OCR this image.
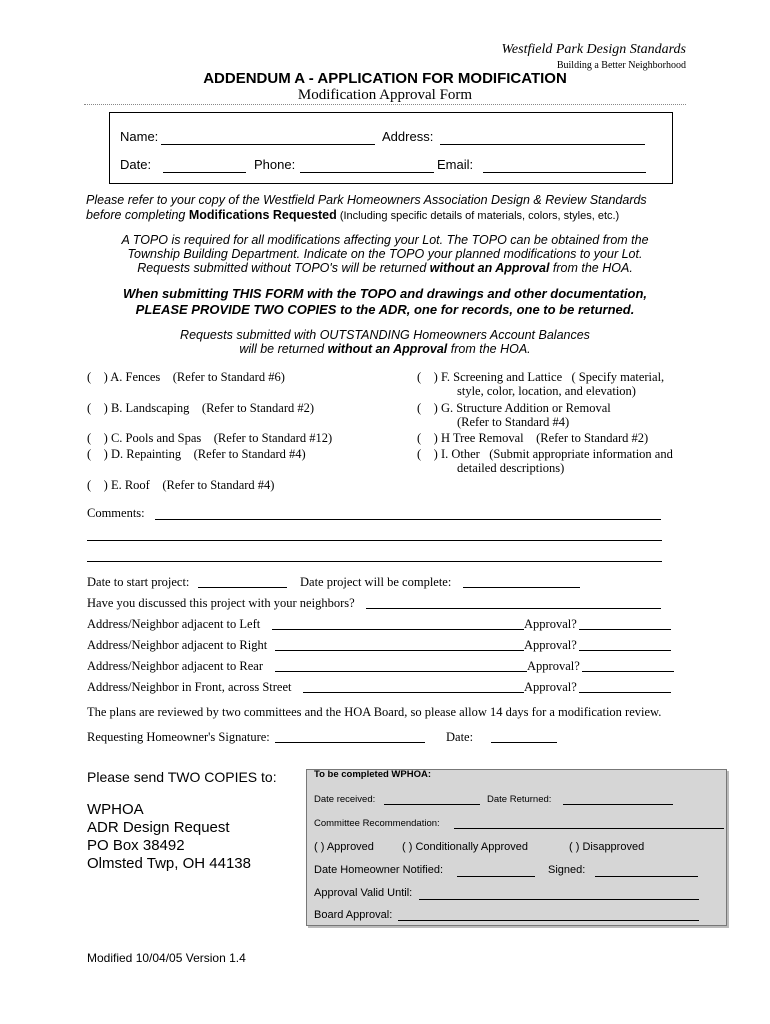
Westfield Park Design Standards
Building a Better Neighborhood
ADDENDUM A - APPLICATION FOR MODIFICATION
Modification Approval Form
Name:	Address:
Date:	Phone:	Email:
Please refer to your copy of the Westfield Park Homeowners Association Design & Review Standards
before completing Modifications Requested (Including specific details of materials, colors, styles, etc.)
A TOPO is required for all modifications affecting your Lot. The TOPO can be obtained from the
Township Building Department. Indicate on the TOPO your planned modifications to your Lot.
Requests submitted without TOPO's will be returned without an Approval from the HOA.
When submitting THIS FORM with the TOPO and drawings and other documentation,
PLEASE PROVIDE TWO COPIES to the ADR, one for records, one to be returned.
Requests submitted with OUTSTANDING Homeowners Account Balances
will be returned without an Approval from the HOA.
(    ) A. Fences    (Refer to Standard #6)
(    ) B. Landscaping    (Refer to Standard #2)
(    ) C. Pools and Spas    (Refer to Standard #12)
(    ) D. Repainting    (Refer to Standard #4)
(    ) E. Roof    (Refer to Standard #4)
(    ) F. Screening and Lattice   ( Specify material,
style, color, location, and elevation)
(    ) G. Structure Addition or Removal
(Refer to Standard #4)
(    ) H Tree Removal    (Refer to Standard #2)
(    ) I. Other   (Submit appropriate information and
detailed descriptions)
Comments:
Date to start project:	Date project will be complete:
Have you discussed this project with your neighbors?
Address/Neighbor adjacent to Left	Approval?
Address/Neighbor adjacent to Right	Approval?
Address/Neighbor adjacent to Rear	Approval?
Address/Neighbor in Front, across Street	Approval?
The plans are reviewed by two committees and the HOA Board, so please allow 14 days for a modification review.
Requesting Homeowner's Signature:	Date:
Please send TWO COPIES to:
WPHOA
ADR Design Request
PO Box 38492
Olmsted Twp, OH 44138
To be completed WPHOA:
Date received:	Date Returned:
Committee Recommendation:
( ) Approved	( ) Conditionally Approved	( ) Disapproved
Date Homeowner Notified:	Signed:
Approval Valid Until:
Board Approval:
Modified 10/04/05 Version 1.4
